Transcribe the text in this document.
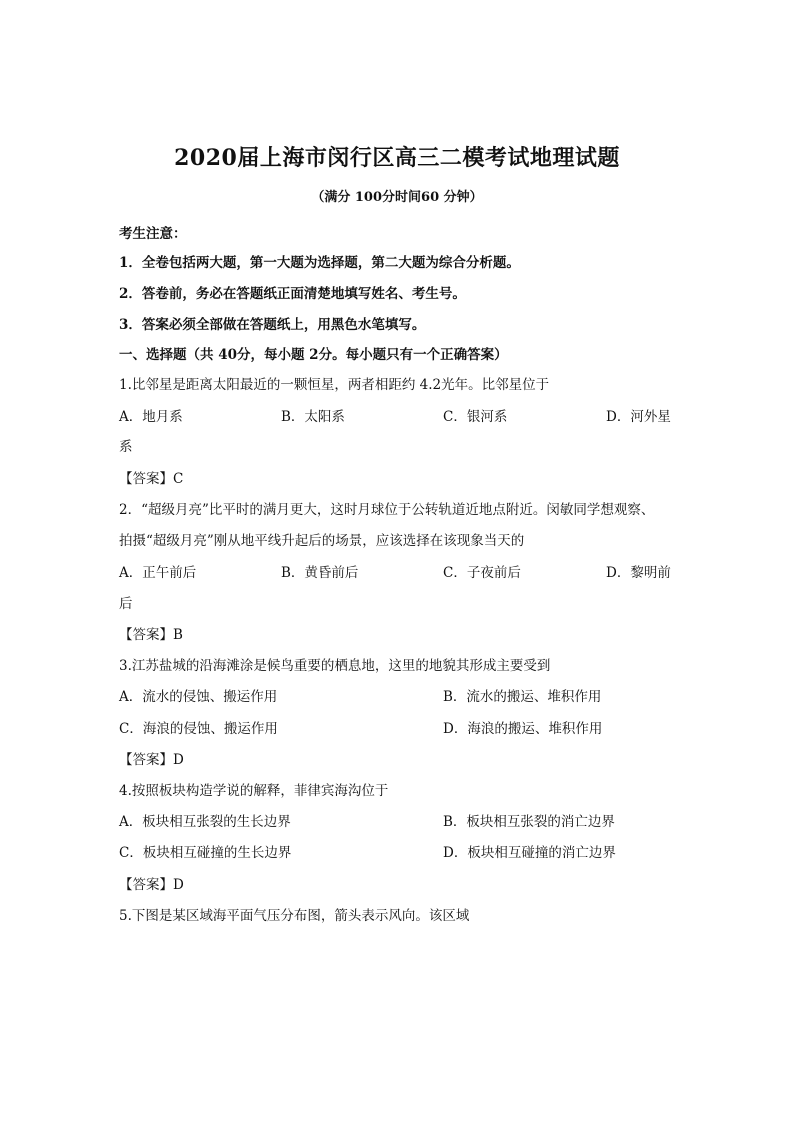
2020届上海市闵行区高三二模考试地理试题
（满分 100分时间60 分钟）
考生注意：
1．全卷包括两大题，第一大题为选择题，第二大题为综合分析题。
2．答卷前，务必在答题纸正面清楚地填写姓名、考生号。
3．答案必须全部做在答题纸上，用黑色水笔填写。
一、选择题（共 40分，每小题 2分。每小题只有一个正确答案）
1.比邻星是距离太阳最近的一颗恒星，两者相距约 4.2光年。比邻星位于
A．地月系	B．太阳系	C．银河系	D．河外星
系
【答案】C
2．“超级月亮”比平时的满月更大，这时月球位于公转轨道近地点附近。闵敏同学想观察、
拍摄“超级月亮”刚从地平线升起后的场景，应该选择在该现象当天的
A．正午前后	B．黄昏前后	C．子夜前后	D．黎明前
后
【答案】B
3.江苏盐城的沿海滩涂是候鸟重要的栖息地，这里的地貌其形成主要受到
A．流水的侵蚀、搬运作用	B．流水的搬运、堆积作用
C．海浪的侵蚀、搬运作用	D．海浪的搬运、堆积作用
【答案】D
4.按照板块构造学说的解释，菲律宾海沟位于
A．板块相互张裂的生长边界	B．板块相互张裂的消亡边界
C．板块相互碰撞的生长边界	D．板块相互碰撞的消亡边界
【答案】D
5.下图是某区域海平面气压分布图，箭头表示风向。该区域
